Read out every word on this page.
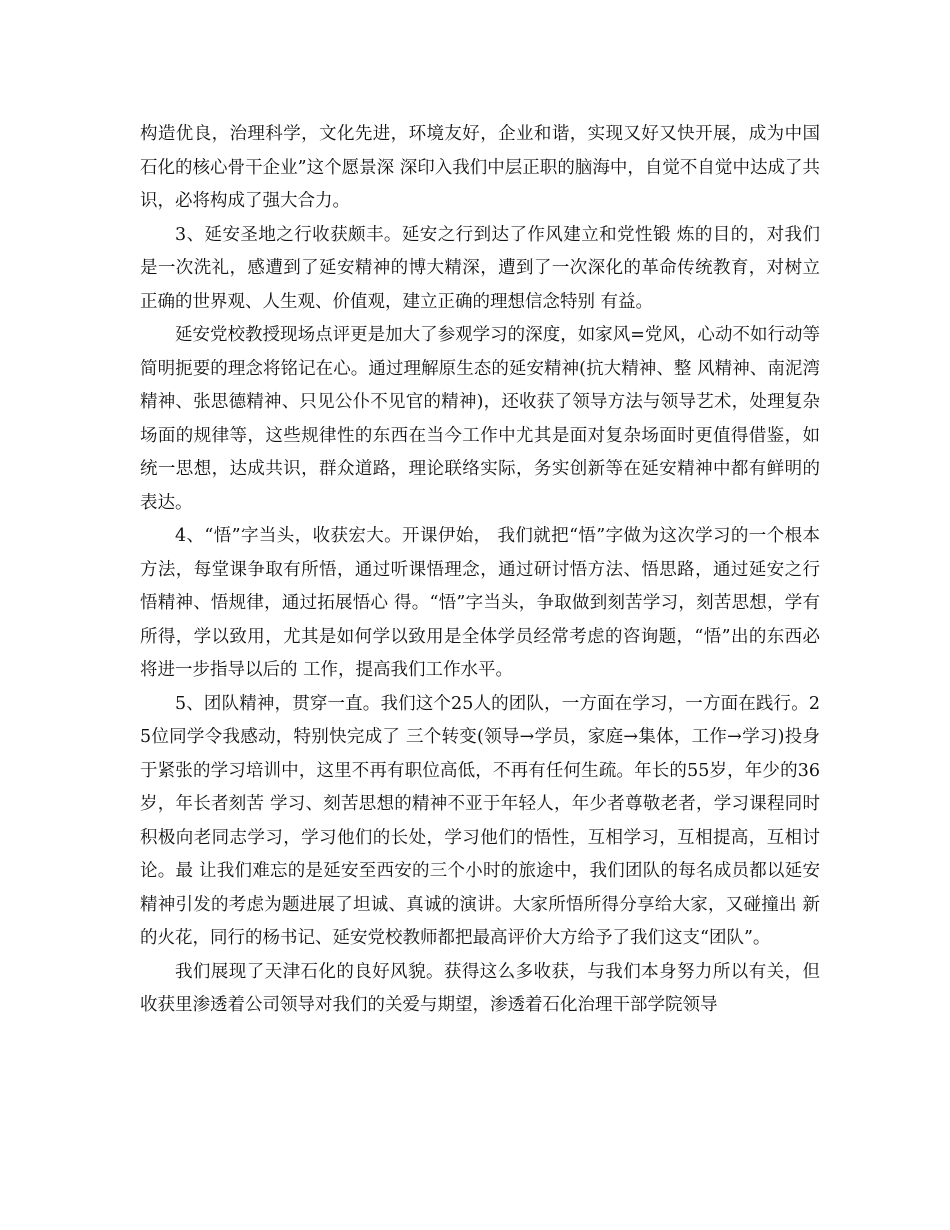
构造优良，治理科学，文化先进，环境友好，企业和谐，实现又好又快开展，成为中国石化的核心骨干企业”这个愿景深 深印入我们中层正职的脑海中，自觉不自觉中达成了共识，必将构成了强大合力。

3、延安圣地之行收获颇丰。延安之行到达了作风建立和党性锻 炼的目的，对我们是一次洗礼，感遭到了延安精神的博大精深，遭到了一次深化的革命传统教育，对树立正确的世界观、人生观、价值观，建立正确的理想信念特别 有益。

延安党校教授现场点评更是加大了参观学习的深度，如家风=党风，心动不如行动等简明扼要的理念将铭记在心。通过理解原生态的延安精神(抗大精神、整 风精神、南泥湾精神、张思德精神、只见公仆不见官的精神)，还收获了领导方法与领导艺术，处理复杂场面的规律等，这些规律性的东西在当今工作中尤其是面对复杂场面时更值得借鉴，如统一思想，达成共识，群众道路，理论联络实际，务实创新等在延安精神中都有鲜明的表达。

4、“悟”字当头，收获宏大。开课伊始， 我们就把“悟”字做为这次学习的一个根本方法，每堂课争取有所悟，通过听课悟理念，通过研讨悟方法、悟思路，通过延安之行悟精神、悟规律，通过拓展悟心 得。“悟”字当头，争取做到刻苦学习，刻苦思想，学有所得，学以致用，尤其是如何学以致用是全体学员经常考虑的咨询题，“悟”出的东西必将进一步指导以后的 工作，提高我们工作水平。

5、团队精神，贯穿一直。我们这个25人的团队，一方面在学习，一方面在践行。25位同学令我感动，特别快完成了 三个转变(领导→学员，家庭→集体，工作→学习)投身于紧张的学习培训中，这里不再有职位高低，不再有任何生疏。年长的55岁，年少的36岁，年长者刻苦 学习、刻苦思想的精神不亚于年轻人，年少者尊敬老者，学习课程同时积极向老同志学习，学习他们的长处，学习他们的悟性，互相学习，互相提高，互相讨论。最 让我们难忘的是延安至西安的三个小时的旅途中，我们团队的每名成员都以延安精神引发的考虑为题进展了坦诚、真诚的演讲。大家所悟所得分享给大家，又碰撞出 新的火花，同行的杨书记、延安党校教师都把最高评价大方给予了我们这支“团队”。

我们展现了天津石化的良好风貌。获得这么多收获，与我们本身努力所以有关，但收获里渗透着公司领导对我们的关爱与期望，渗透着石化治理干部学院领导
